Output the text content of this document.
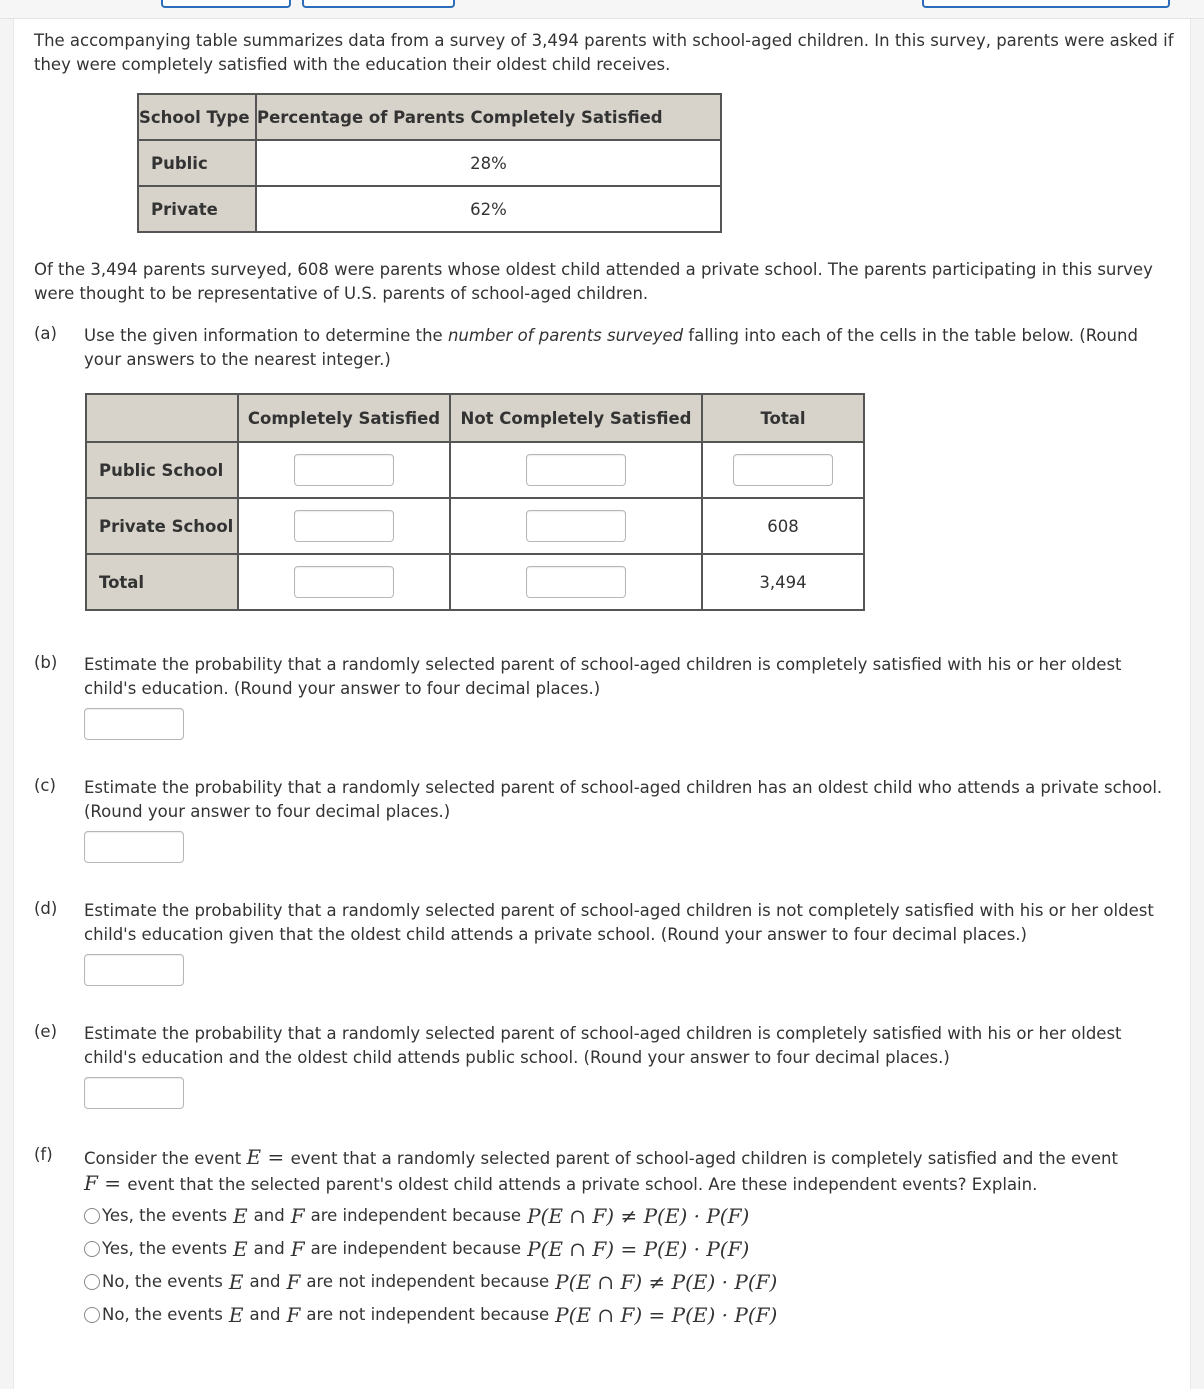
The accompanying table summarizes data from a survey of 3,494 parents with school-aged children. In this survey, parents were asked if they were completely satisfied with the education their oldest child receives.

School Type	Percentage of Parents Completely Satisfied
Public	28%
Private	62%

Of the 3,494 parents surveyed, 608 were parents whose oldest child attended a private school. The parents participating in this survey were thought to be representative of U.S. parents of school-aged children.

(a) Use the given information to determine the number of parents surveyed falling into each of the cells in the table below. (Round your answers to the nearest integer.)
	Completely Satisfied	Not Completely Satisfied	Total
Public School			
Private School			608
Total			3,494
(b) Estimate the probability that a randomly selected parent of school-aged children is completely satisfied with his or her oldest child's education. (Round your answer to four decimal places.)
(c) Estimate the probability that a randomly selected parent of school-aged children has an oldest child who attends a private school. (Round your answer to four decimal places.)
(d) Estimate the probability that a randomly selected parent of school-aged children is not completely satisfied with his or her oldest child's education given that the oldest child attends a private school. (Round your answer to four decimal places.)
(e) Estimate the probability that a randomly selected parent of school-aged children is completely satisfied with his or her oldest child's education and the oldest child attends public school. (Round your answer to four decimal places.)
(f) Consider the event E = event that a randomly selected parent of school-aged children is completely satisfied and the event
F = event that the selected parent's oldest child attends a private school. Are these independent events? Explain.
Yes, the events E and F are independent because P(E ∩ F) ≠ P(E) · P(F)
Yes, the events E and F are independent because P(E ∩ F) = P(E) · P(F)
No, the events E and F are not independent because P(E ∩ F) ≠ P(E) · P(F)
No, the events E and F are not independent because P(E ∩ F) = P(E) · P(F)
